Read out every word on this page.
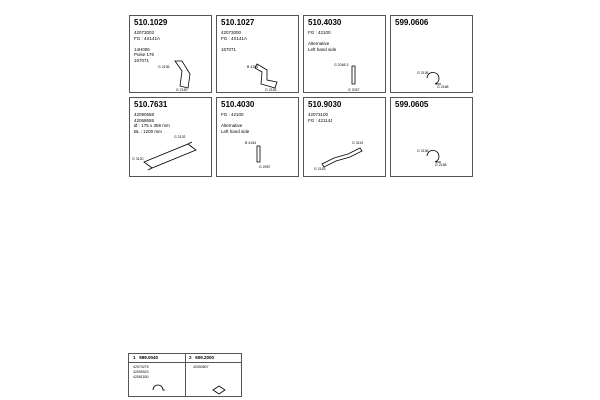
510.1029
42073003
FG : 4X141A

14H006
Pulse 176
167071
G 2136
G 2160
510.1027
42073000
FG : 4X141A

167071
B 4154
G 2163
510.4030
FG : 42100

Alternative
Left hand side
G 2048.3
G 2057
599.0606
G 2136
G 2168
510.7631
42090558
42068655
Ø : 175 x 359 mm
BL : 1200 mm
G 2132
G 3120
510.4030
FG : 42100

Alternative
Left hand side
B 4154
G 2057
510.9030
42073100
FG : 42114J
G 3119
G 2163
599.0605
G 2136
G 2168
1 599.0040	2 609.2000
42070275
42099023
42081530
42050807
